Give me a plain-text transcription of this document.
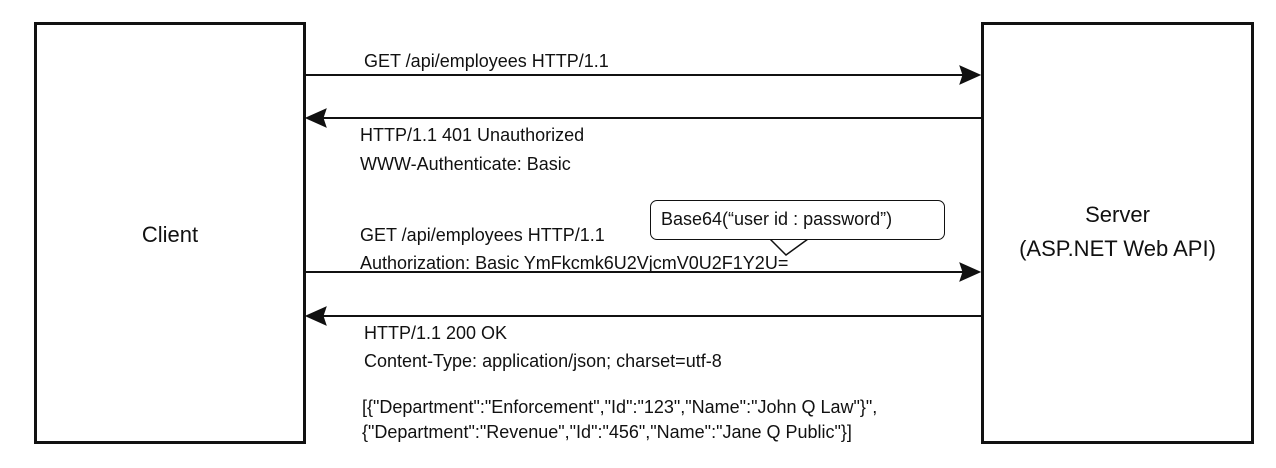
Client
Server
(ASP.NET Web API)
GET /api/employees HTTP/1.1
HTTP/1.1 401 Unauthorized
WWW-Authenticate: Basic
GET /api/employees HTTP/1.1
Authorization: Basic YmFkcmk6U2VjcmV0U2F1Y2U=
Base64(“user id : password”)
HTTP/1.1 200 OK
Content-Type: application/json; charset=utf-8
[{"Department":"Enforcement","Id":"123","Name":"John Q Law"}",
{"Department":"Revenue","Id":"456","Name":"Jane Q Public"}]
